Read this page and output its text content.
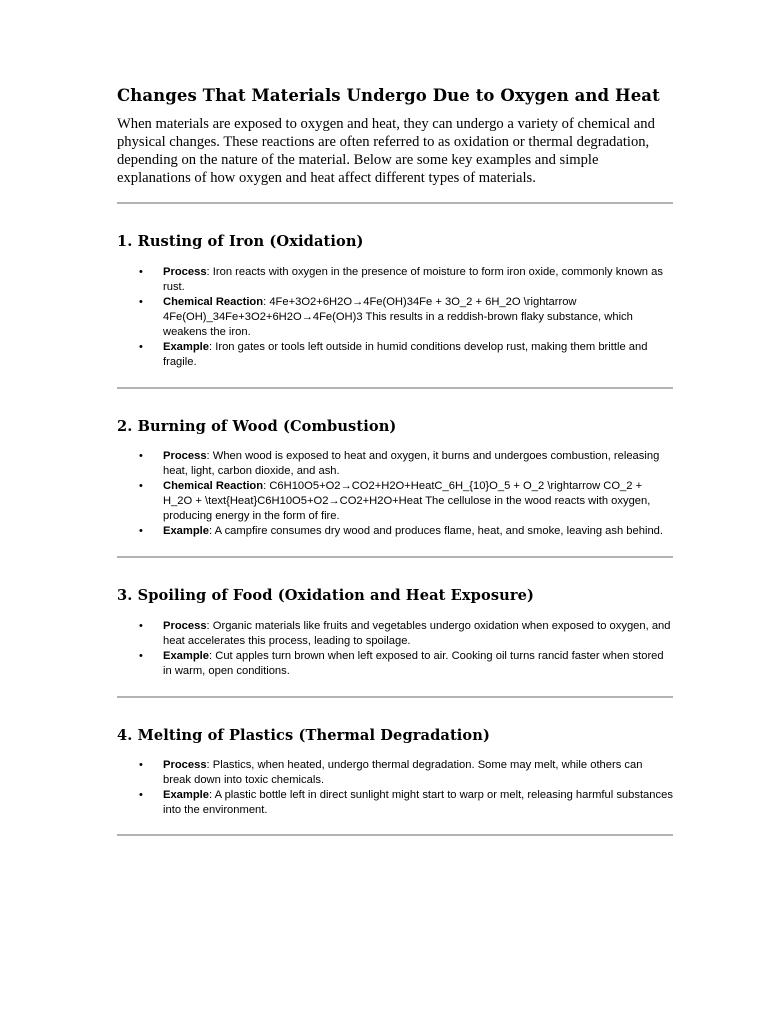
Changes That Materials Undergo Due to Oxygen and Heat

When materials are exposed to oxygen and heat, they can undergo a variety of chemical and physical changes. These reactions are often referred to as oxidation or thermal degradation, depending on the nature of the material. Below are some key examples and simple explanations of how oxygen and heat affect different types of materials.

1. Rusting of Iron (Oxidation)
• Process: Iron reacts with oxygen in the presence of moisture to form iron oxide, commonly known as rust.
• Chemical Reaction: 4Fe+3O2+6H2O→4Fe(OH)34Fe + 3O_2 + 6H_2O \rightarrow 4Fe(OH)_34Fe+3O2+6H2O→4Fe(OH)3 This results in a reddish-brown flaky substance, which weakens the iron.
• Example: Iron gates or tools left outside in humid conditions develop rust, making them brittle and fragile.
2. Burning of Wood (Combustion)
• Process: When wood is exposed to heat and oxygen, it burns and undergoes combustion, releasing heat, light, carbon dioxide, and ash.
• Chemical Reaction: C6H10O5+O2→CO2+H2O+HeatC_6H_{10}O_5 + O_2 \rightarrow CO_2 + H_2O + \text{Heat}C6H10O5+O2→CO2+H2O+Heat The cellulose in the wood reacts with oxygen, producing energy in the form of fire.
• Example: A campfire consumes dry wood and produces flame, heat, and smoke, leaving ash behind.
3. Spoiling of Food (Oxidation and Heat Exposure)
• Process: Organic materials like fruits and vegetables undergo oxidation when exposed to oxygen, and heat accelerates this process, leading to spoilage.
• Example: Cut apples turn brown when left exposed to air. Cooking oil turns rancid faster when stored in warm, open conditions.
4. Melting of Plastics (Thermal Degradation)
• Process: Plastics, when heated, undergo thermal degradation. Some may melt, while others can break down into toxic chemicals.
• Example: A plastic bottle left in direct sunlight might start to warp or melt, releasing harmful substances into the environment.
